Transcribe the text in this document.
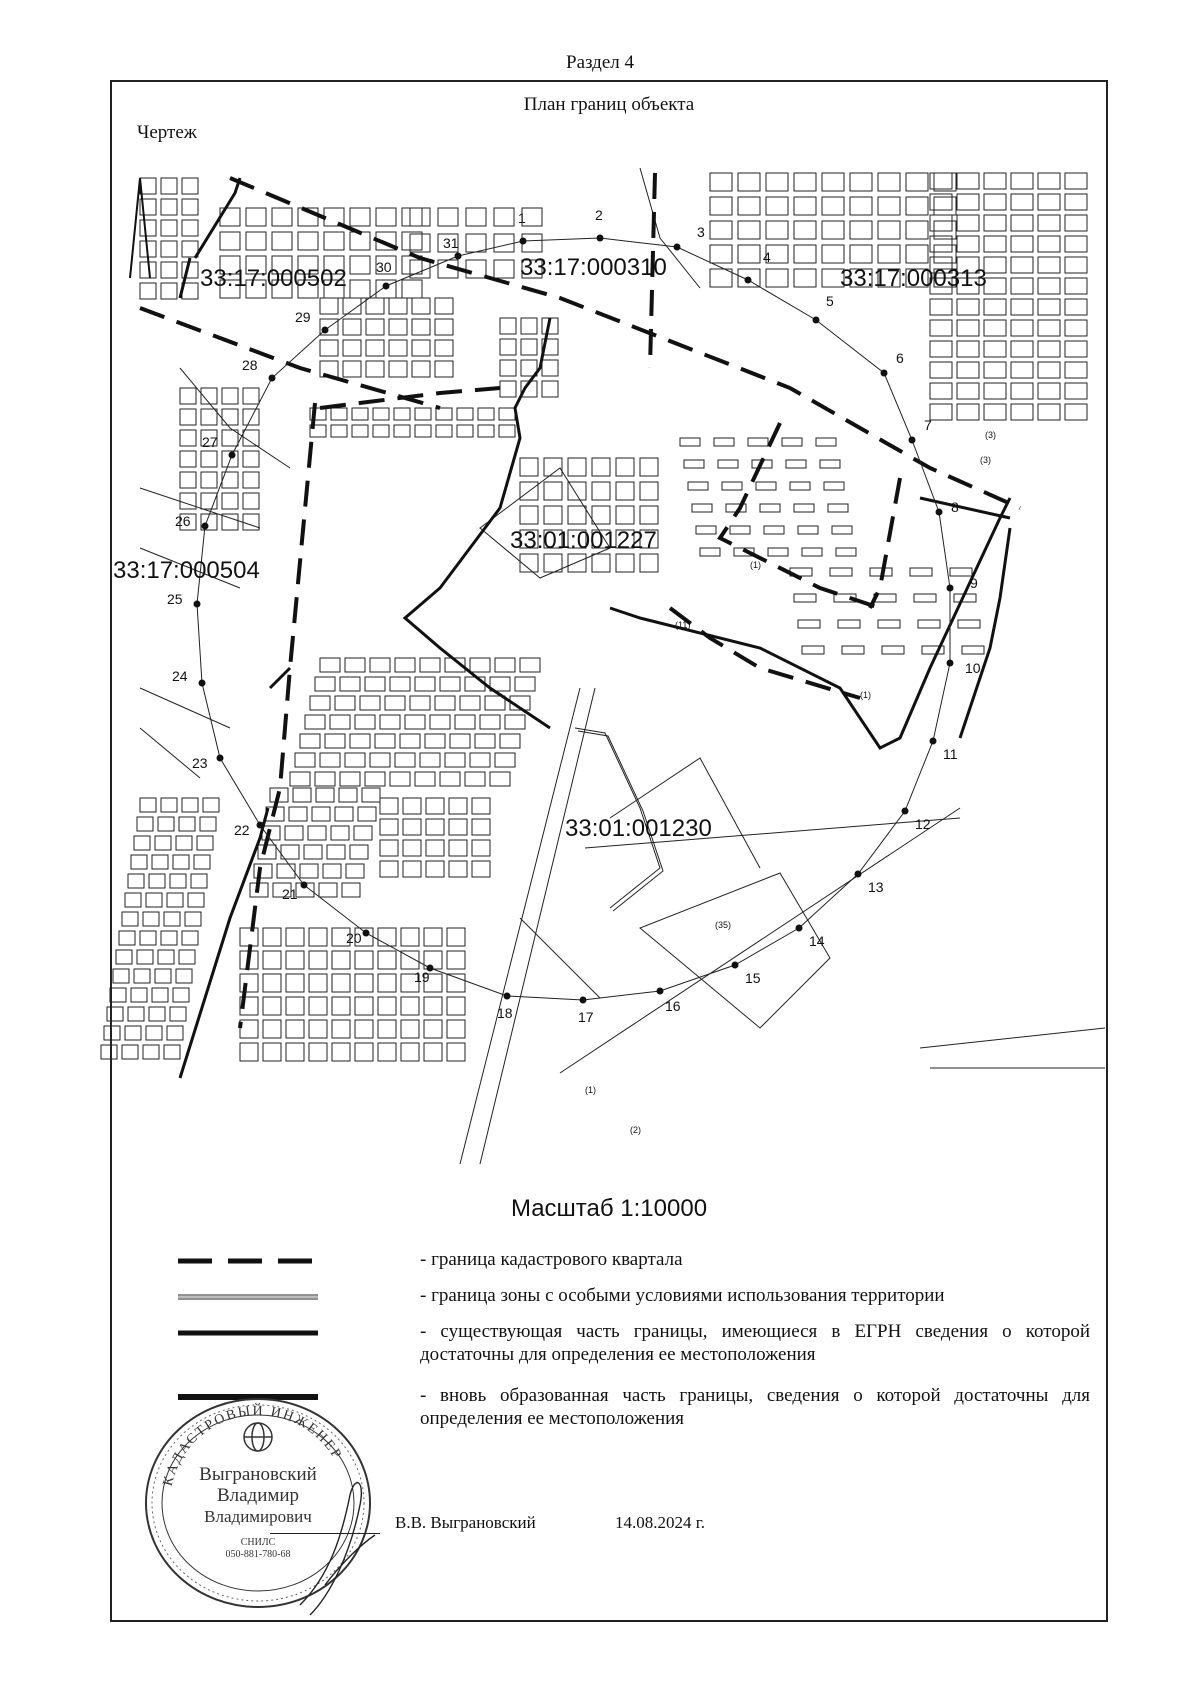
Раздел 4
План границ объекта
Чертеж
1	2
3
4
5
6
7
8
9
10
11
12
13
14
15
16
17
18
19
20
21
22
23
24
25
26
27
28
29
30
31
33:17:000502	33:17:000310	33:17:000313
33:17:000504
33:01:001227
33:01:001230
(35)
(1)
(2)
(3)
(3)
(11)
(1)
(1)
Масштаб 1:10000
- граница кадастрового квартала
- граница зоны с особыми условиями использования территории
- существующая часть границы, имеющиеся в ЕГРН сведения о которой достаточны для определения ее местоположения
- вновь образованная часть границы, сведения о которой достаточны для определения ее местоположения
КАДАСТРОВЫЙ ИНЖЕНЕР
Выграновский
Владимир
Владимирович
СНИЛС
050-881-780-68
В.В. Выграновский	14.08.2024 г.
